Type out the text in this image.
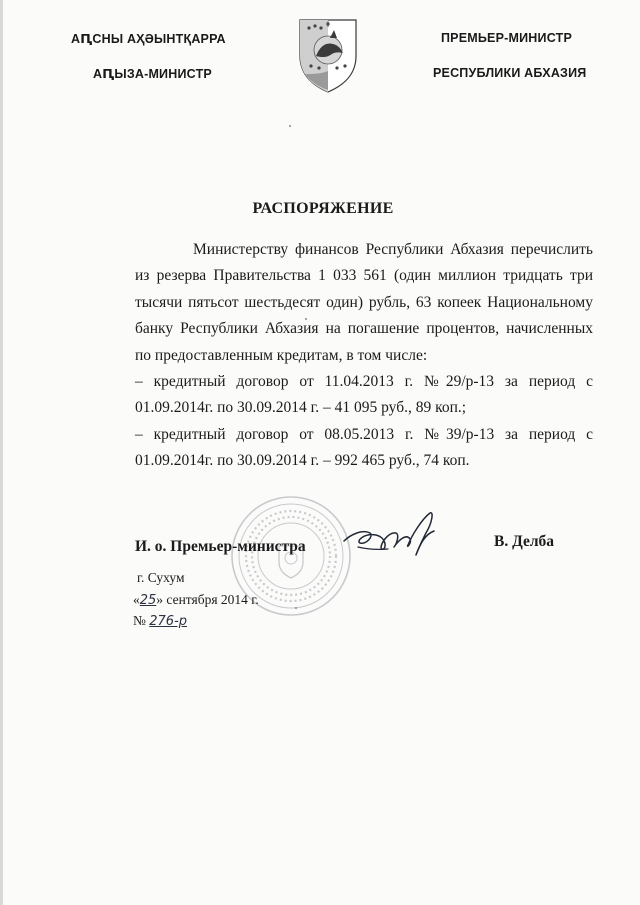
АԤСНЫ АҲӘЫНТҚАРРА
АԤЫЗА-МИНИСТР
ПРЕМЬЕР-МИНИСТР
РЕСПУБЛИКИ АБХАЗИЯ
РАСПОРЯЖЕНИЕ

Министерству финансов Республики Абхазия перечислить из резерва Правительства 1 033 561 (один миллион тридцать три тысячи пятьсот шестьдесят один) рубль, 63 копеек Национальному банку Республики Абхазия на погашение процентов, начисленных по предоставленным кредитам, в том числе:

– кредитный договор от 11.04.2013 г. №29/р-13 за период с 01.09.2014г. по 30.09.2014 г. – 41 095 руб., 89 коп.;

– кредитный договор от 08.05.2013 г. №39/р-13 за период с 01.09.2014г. по 30.09.2014 г. – 992 465 руб., 74 коп.

И. о. Премьер-министра	В. Делба
г. Сухум
«25» сентября 2014 г.
№ 276-р
